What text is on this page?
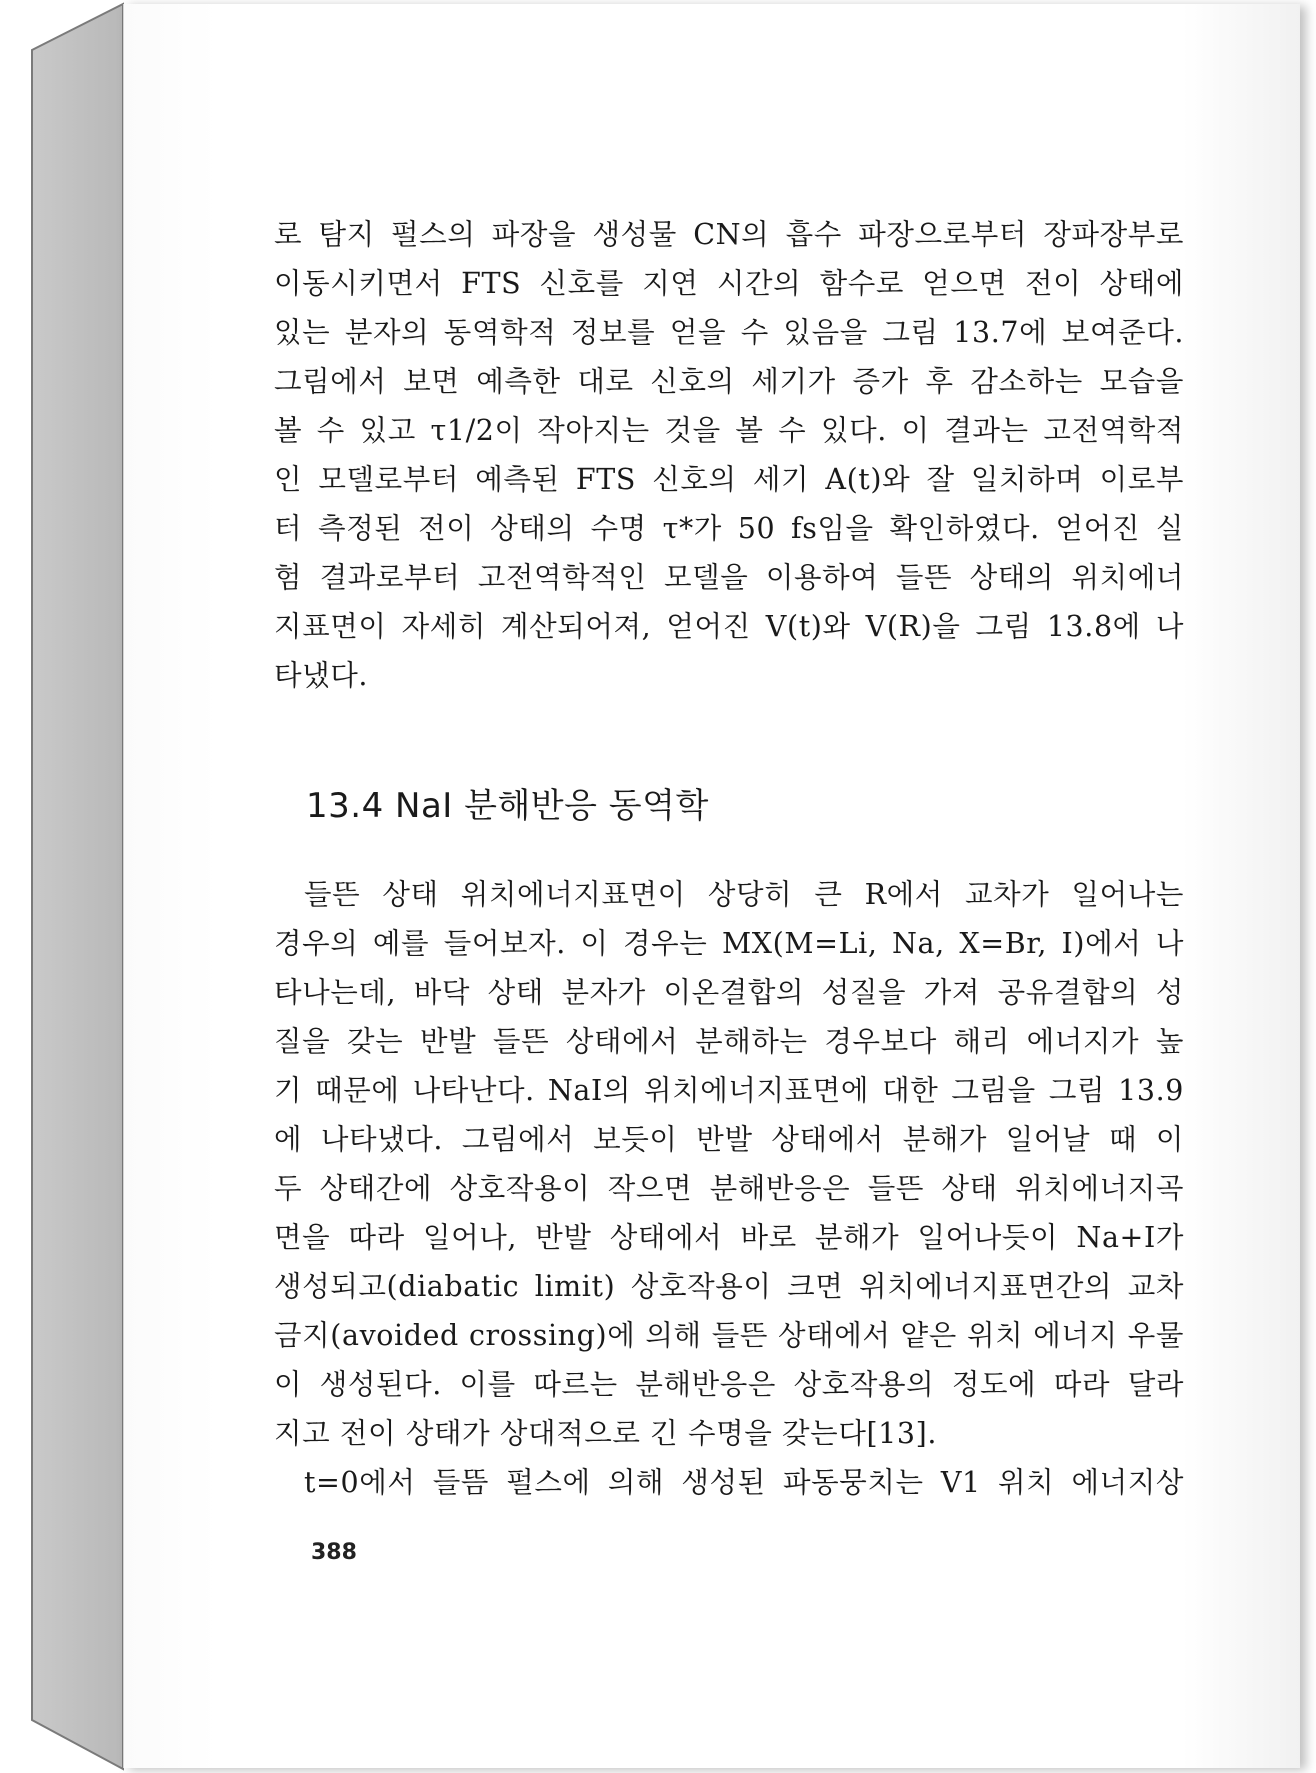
로 탐지 펄스의 파장을 생성물 CN의 흡수 파장으로부터 장파장부로
이동시키면서 FTS 신호를 지연 시간의 함수로 얻으면 전이 상태에
있는 분자의 동역학적 정보를 얻을 수 있음을 그림 13.7에 보여준다.
그림에서 보면 예측한 대로 신호의 세기가 증가 후 감소하는 모습을
볼 수 있고 τ1/2이 작아지는 것을 볼 수 있다. 이 결과는 고전역학적
인 모델로부터 예측된 FTS 신호의 세기 A(t)와 잘 일치하며 이로부
터 측정된 전이 상태의 수명 τ*가 50 fs임을 확인하였다. 얻어진 실
험 결과로부터 고전역학적인 모델을 이용하여 들뜬 상태의 위치에너
지표면이 자세히 계산되어져, 얻어진 V(t)와 V(R)을 그림 13.8에 나
타냈다.
13.4 NaI 분해반응 동역학
들뜬 상태 위치에너지표면이 상당히 큰 R에서 교차가 일어나는
경우의 예를 들어보자. 이 경우는 MX(M=Li, Na, X=Br, I)에서 나
타나는데, 바닥 상태 분자가 이온결합의 성질을 가져 공유결합의 성
질을 갖는 반발 들뜬 상태에서 분해하는 경우보다 해리 에너지가 높
기 때문에 나타난다. NaI의 위치에너지표면에 대한 그림을 그림 13.9
에 나타냈다. 그림에서 보듯이 반발 상태에서 분해가 일어날 때 이
두 상태간에 상호작용이 작으면 분해반응은 들뜬 상태 위치에너지곡
면을 따라 일어나, 반발 상태에서 바로 분해가 일어나듯이 Na+I가
생성되고(diabatic limit) 상호작용이 크면 위치에너지표면간의 교차
금지(avoided crossing)에 의해 들뜬 상태에서 얕은 위치 에너지 우물
이 생성된다. 이를 따르는 분해반응은 상호작용의 정도에 따라 달라
지고 전이 상태가 상대적으로 긴 수명을 갖는다[13].
t=0에서 들뜸 펄스에 의해 생성된 파동뭉치는 V1 위치 에너지상
388
